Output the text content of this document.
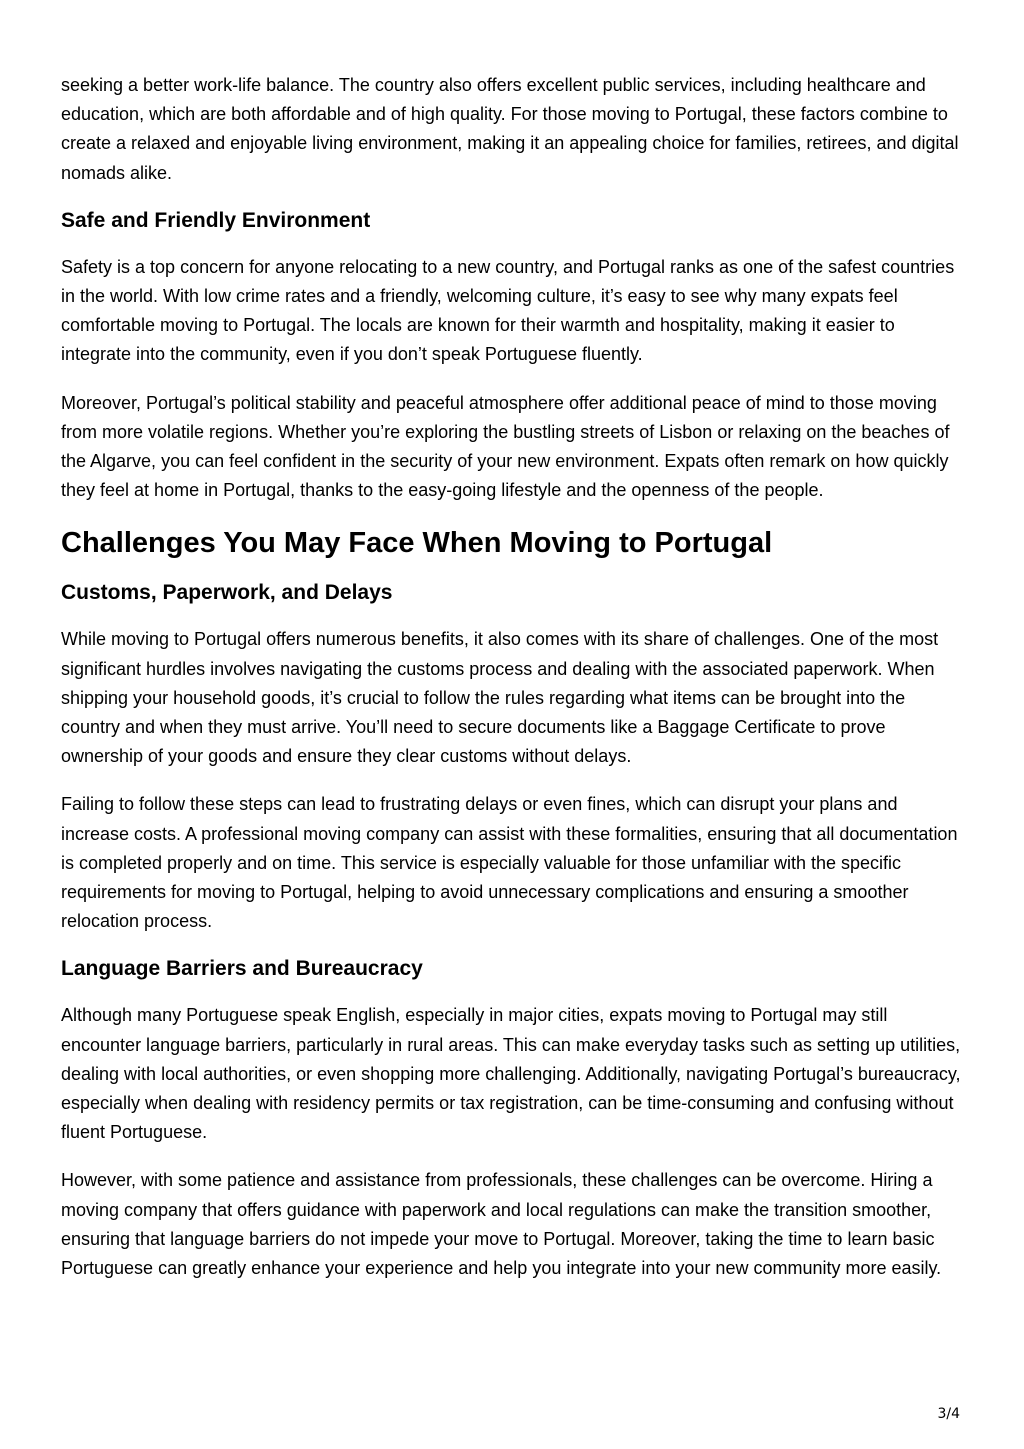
seeking a better work-life balance. The country also offers excellent public services, including healthcare and education, which are both affordable and of high quality. For those moving to Portugal, these factors combine to create a relaxed and enjoyable living environment, making it an appealing choice for families, retirees, and digital nomads alike.

Safe and Friendly Environment

Safety is a top concern for anyone relocating to a new country, and Portugal ranks as one of the safest countries in the world. With low crime rates and a friendly, welcoming culture, it’s easy to see why many expats feel comfortable moving to Portugal. The locals are known for their warmth and hospitality, making it easier to integrate into the community, even if you don’t speak Portuguese fluently.

Moreover, Portugal’s political stability and peaceful atmosphere offer additional peace of mind to those moving from more volatile regions. Whether you’re exploring the bustling streets of Lisbon or relaxing on the beaches of the Algarve, you can feel confident in the security of your new environment. Expats often remark on how quickly they feel at home in Portugal, thanks to the easy-going lifestyle and the openness of the people.

Challenges You May Face When Moving to Portugal
Customs, Paperwork, and Delays

While moving to Portugal offers numerous benefits, it also comes with its share of challenges. One of the most significant hurdles involves navigating the customs process and dealing with the associated paperwork. When shipping your household goods, it’s crucial to follow the rules regarding what items can be brought into the country and when they must arrive. You’ll need to secure documents like a Baggage Certificate to prove ownership of your goods and ensure they clear customs without delays.

Failing to follow these steps can lead to frustrating delays or even fines, which can disrupt your plans and increase costs. A professional moving company can assist with these formalities, ensuring that all documentation is completed properly and on time. This service is especially valuable for those unfamiliar with the specific requirements for moving to Portugal, helping to avoid unnecessary complications and ensuring a smoother relocation process.

Language Barriers and Bureaucracy

Although many Portuguese speak English, especially in major cities, expats moving to Portugal may still encounter language barriers, particularly in rural areas. This can make everyday tasks such as setting up utilities, dealing with local authorities, or even shopping more challenging. Additionally, navigating Portugal’s bureaucracy, especially when dealing with residency permits or tax registration, can be time-consuming and confusing without fluent Portuguese.

However, with some patience and assistance from professionals, these challenges can be overcome. Hiring a moving company that offers guidance with paperwork and local regulations can make the transition smoother, ensuring that language barriers do not impede your move to Portugal. Moreover, taking the time to learn basic Portuguese can greatly enhance your experience and help you integrate into your new community more easily.

3/4
